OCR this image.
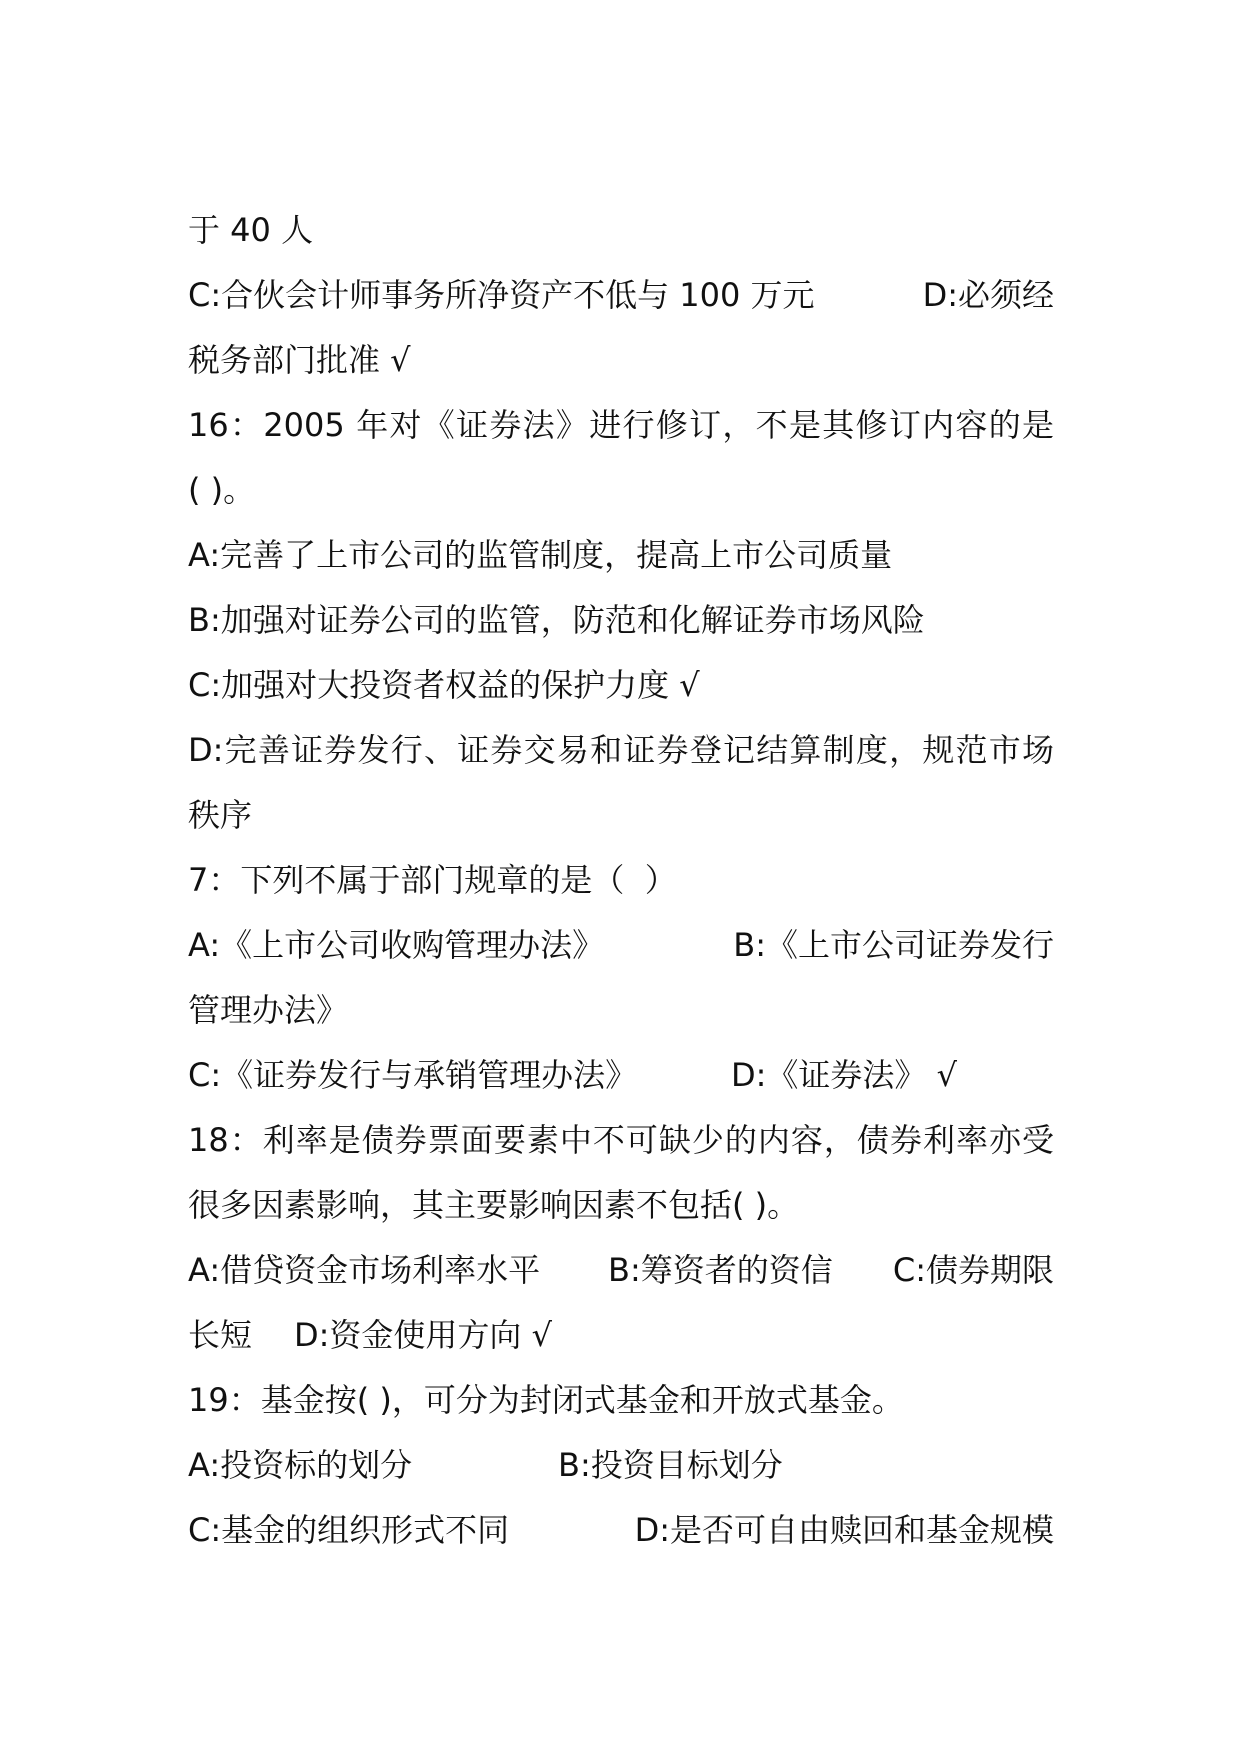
于 40 人

C:合伙会计师事务所净资产不低与 100 万元

	D:必须经

税务部门批准 √

16：2005 年对《证券法》进行修订，不是其修订内容的是

( )。

A:完善了上市公司的监管制度，提高上市公司质量

B:加强对证券公司的监管，防范和化解证券市场风险

C:加强对大投资者权益的保护力度 √

D:完善证券发行、证券交易和证券登记结算制度，规范市场

秩序

7：下列不属于部门规章的是（  ）

A:《上市公司收购管理办法》

	B:《上市公司证券发行

管理办法》

C:《证券发行与承销管理办法》

	D:《证券法》 √

18：利率是债券票面要素中不可缺少的内容，债券利率亦受

很多因素影响，其主要影响因素不包括( )。

A:借贷资金市场利率水平

B:筹资者的资信

C:债券期限

长短

D:资金使用方向 √

19：基金按( )，可分为封闭式基金和开放式基金。

A:投资标的划分

	B:投资目标划分

C:基金的组织形式不同

	D:是否可自由赎回和基金规模
